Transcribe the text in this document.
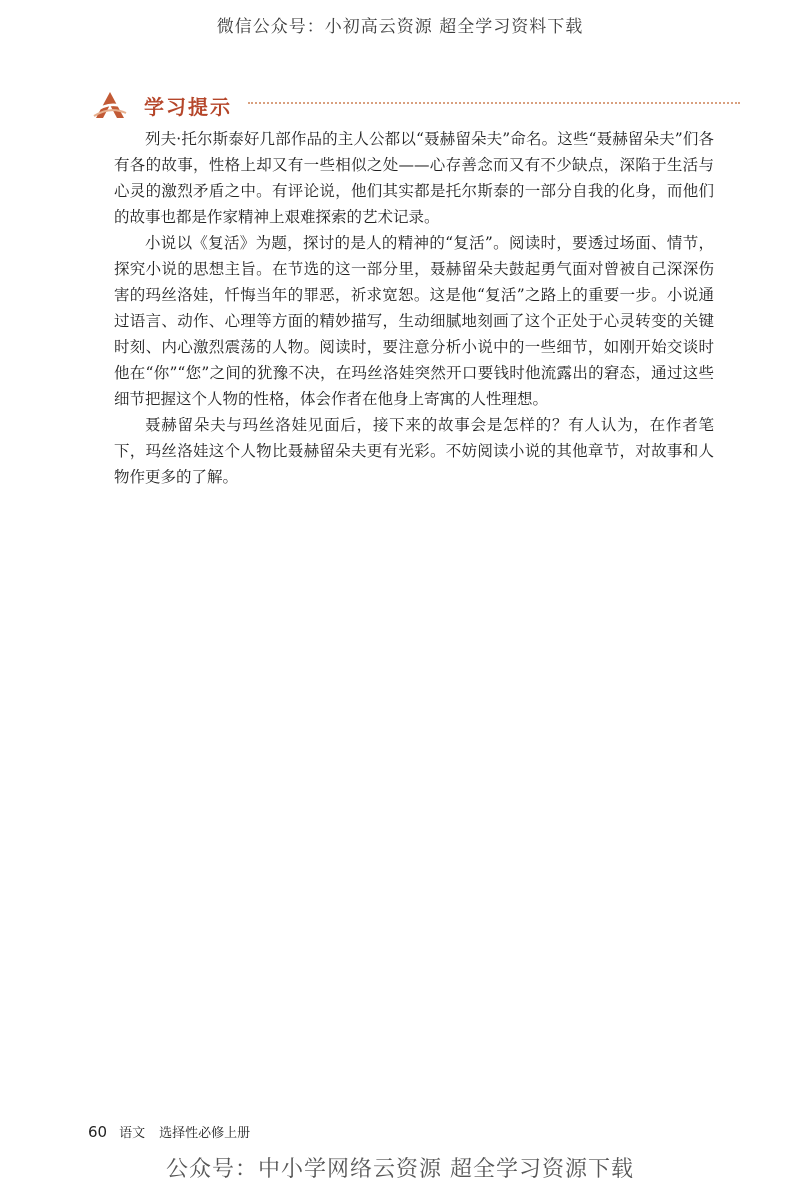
微信公众号：小初高云资源 超全学习资料下载
学习提示

列夫·托尔斯泰好几部作品的主人公都以“聂赫留朵夫”命名。这些“聂赫留朵夫”们各有各的故事，性格上却又有一些相似之处——心存善念而又有不少缺点，深陷于生活与心灵的激烈矛盾之中。有评论说，他们其实都是托尔斯泰的一部分自我的化身，而他们的故事也都是作家精神上艰难探索的艺术记录。

小说以《复活》为题，探讨的是人的精神的“复活”。阅读时，要透过场面、情节，探究小说的思想主旨。在节选的这一部分里，聂赫留朵夫鼓起勇气面对曾被自己深深伤害的玛丝洛娃，忏悔当年的罪恶，祈求宽恕。这是他“复活”之路上的重要一步。小说通过语言、动作、心理等方面的精妙描写，生动细腻地刻画了这个正处于心灵转变的关键时刻、内心激烈震荡的人物。阅读时，要注意分析小说中的一些细节，如刚开始交谈时他在“你”“您”之间的犹豫不决，在玛丝洛娃突然开口要钱时他流露出的窘态，通过这些细节把握这个人物的性格，体会作者在他身上寄寓的人性理想。

聂赫留朵夫与玛丝洛娃见面后，接下来的故事会是怎样的？有人认为，在作者笔下，玛丝洛娃这个人物比聂赫留朵夫更有光彩。不妨阅读小说的其他章节，对故事和人物作更多的了解。

60 语文 选择性必修上册
公众号：中小学网络云资源 超全学习资源下载
